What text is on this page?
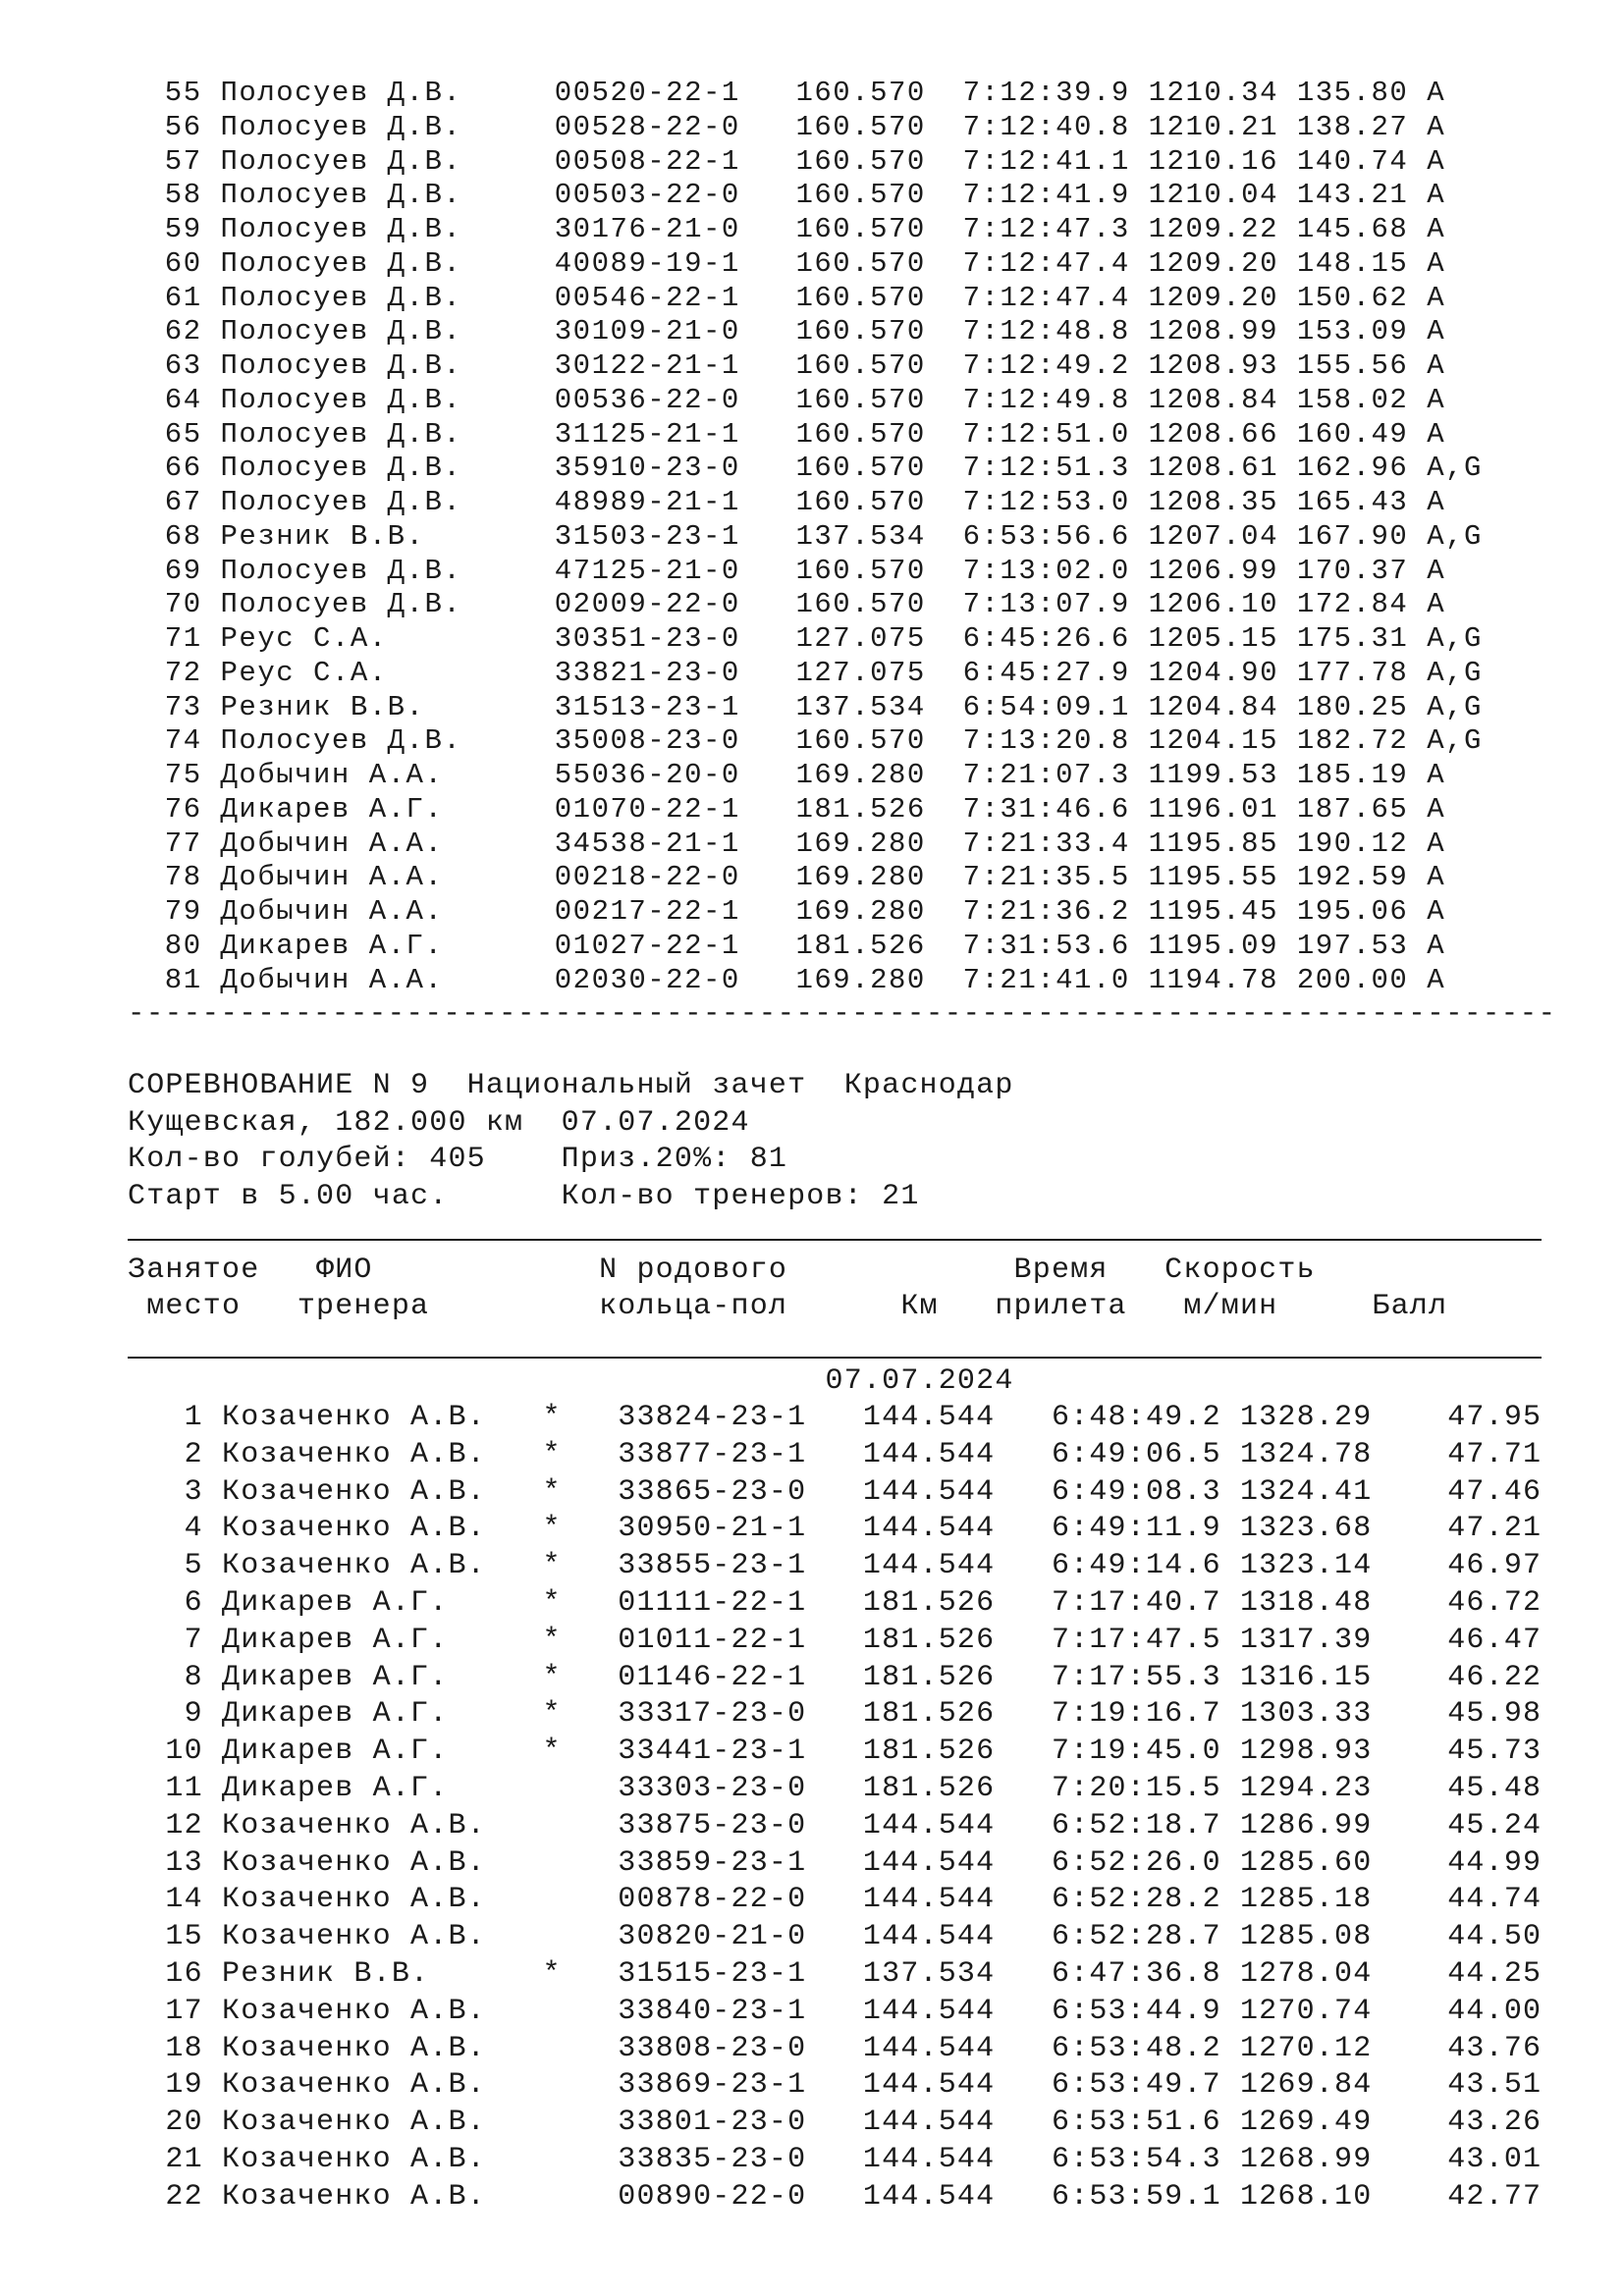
55 Полосуев Д.В.     00520-22-1   160.570  7:12:39.9 1210.34 135.80 A
56 Полосуев Д.В.     00528-22-0   160.570  7:12:40.8 1210.21 138.27 A
57 Полосуев Д.В.     00508-22-1   160.570  7:12:41.1 1210.16 140.74 A
58 Полосуев Д.В.     00503-22-0   160.570  7:12:41.9 1210.04 143.21 A
59 Полосуев Д.В.     30176-21-0   160.570  7:12:47.3 1209.22 145.68 A
60 Полосуев Д.В.     40089-19-1   160.570  7:12:47.4 1209.20 148.15 A
61 Полосуев Д.В.     00546-22-1   160.570  7:12:47.4 1209.20 150.62 A
62 Полосуев Д.В.     30109-21-0   160.570  7:12:48.8 1208.99 153.09 A
63 Полосуев Д.В.     30122-21-1   160.570  7:12:49.2 1208.93 155.56 A
64 Полосуев Д.В.     00536-22-0   160.570  7:12:49.8 1208.84 158.02 A
65 Полосуев Д.В.     31125-21-1   160.570  7:12:51.0 1208.66 160.49 A
66 Полосуев Д.В.     35910-23-0   160.570  7:12:51.3 1208.61 162.96 A,G
67 Полосуев Д.В.     48989-21-1   160.570  7:12:53.0 1208.35 165.43 A
68 Резник В.В.       31503-23-1   137.534  6:53:56.6 1207.04 167.90 A,G
69 Полосуев Д.В.     47125-21-0   160.570  7:13:02.0 1206.99 170.37 A
70 Полосуев Д.В.     02009-22-0   160.570  7:13:07.9 1206.10 172.84 A
71 Реус С.А.         30351-23-0   127.075  6:45:26.6 1205.15 175.31 A,G
72 Реус С.А.         33821-23-0   127.075  6:45:27.9 1204.90 177.78 A,G
73 Резник В.В.       31513-23-1   137.534  6:54:09.1 1204.84 180.25 A,G
74 Полосуев Д.В.     35008-23-0   160.570  7:13:20.8 1204.15 182.72 A,G
75 Добычин А.А.      55036-20-0   169.280  7:21:07.3 1199.53 185.19 A
76 Дикарев А.Г.      01070-22-1   181.526  7:31:46.6 1196.01 187.65 A
77 Добычин А.А.      34538-21-1   169.280  7:21:33.4 1195.85 190.12 A
78 Добычин А.А.      00218-22-0   169.280  7:21:35.5 1195.55 192.59 A
79 Добычин А.А.      00217-22-1   169.280  7:21:36.2 1195.45 195.06 A
80 Дикарев А.Г.      01027-22-1   181.526  7:31:53.6 1195.09 197.53 A
81 Добычин А.А.      02030-22-0   169.280  7:21:41.0 1194.78 200.00 A
-----------------------------------------------------------------------------
СОРЕВНОВАНИЕ N 9  Национальный зачет  Краснодар
Кущевская, 182.000 км  07.07.2024
Кол-во голубей: 405    Приз.20%: 81
Старт в 5.00 час.      Кол-во тренеров: 21
Занятое   ФИО            N родового            Время   Скорость
место   тренера         кольца-пол      Км   прилета   м/мин     Балл
07.07.2024
1 Козаченко А.В.   *   33824-23-1   144.544   6:48:49.2 1328.29    47.95
2 Козаченко А.В.   *   33877-23-1   144.544   6:49:06.5 1324.78    47.71
3 Козаченко А.В.   *   33865-23-0   144.544   6:49:08.3 1324.41    47.46
4 Козаченко А.В.   *   30950-21-1   144.544   6:49:11.9 1323.68    47.21
5 Козаченко А.В.   *   33855-23-1   144.544   6:49:14.6 1323.14    46.97
6 Дикарев А.Г.     *   01111-22-1   181.526   7:17:40.7 1318.48    46.72
7 Дикарев А.Г.     *   01011-22-1   181.526   7:17:47.5 1317.39    46.47
8 Дикарев А.Г.     *   01146-22-1   181.526   7:17:55.3 1316.15    46.22
9 Дикарев А.Г.     *   33317-23-0   181.526   7:19:16.7 1303.33    45.98
10 Дикарев А.Г.     *   33441-23-1   181.526   7:19:45.0 1298.93    45.73
11 Дикарев А.Г.         33303-23-0   181.526   7:20:15.5 1294.23    45.48
12 Козаченко А.В.       33875-23-0   144.544   6:52:18.7 1286.99    45.24
13 Козаченко А.В.       33859-23-1   144.544   6:52:26.0 1285.60    44.99
14 Козаченко А.В.       00878-22-0   144.544   6:52:28.2 1285.18    44.74
15 Козаченко А.В.       30820-21-0   144.544   6:52:28.7 1285.08    44.50
16 Резник В.В.      *   31515-23-1   137.534   6:47:36.8 1278.04    44.25
17 Козаченко А.В.       33840-23-1   144.544   6:53:44.9 1270.74    44.00
18 Козаченко А.В.       33808-23-0   144.544   6:53:48.2 1270.12    43.76
19 Козаченко А.В.       33869-23-1   144.544   6:53:49.7 1269.84    43.51
20 Козаченко А.В.       33801-23-0   144.544   6:53:51.6 1269.49    43.26
21 Козаченко А.В.       33835-23-0   144.544   6:53:54.3 1268.99    43.01
22 Козаченко А.В.       00890-22-0   144.544   6:53:59.1 1268.10    42.77
